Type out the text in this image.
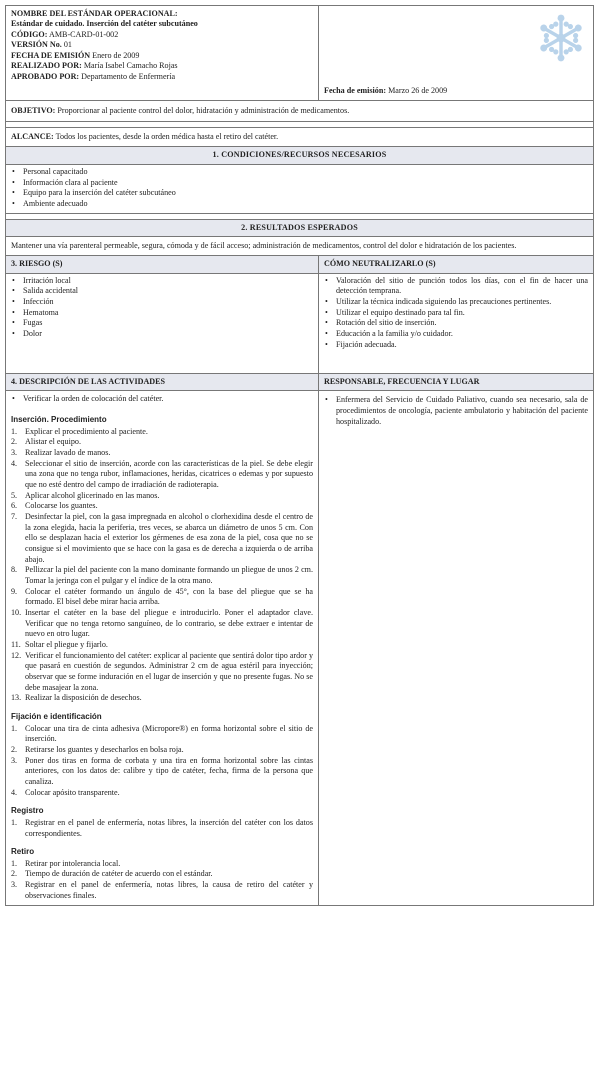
NOMBRE DEL ESTÁNDAR OPERACIONAL:
Estándar de cuidado. Inserción del catéter subcutáneo
CÓDIGO: AMB-CARD-01-002
VERSIÓN No. 01
FECHA DE EMISIÓN Enero de 2009
REALIZADO POR: María Isabel Camacho Rojas
APROBADO POR: Departamento de Enfermería
Fecha de emisión: Marzo 26 de 2009
OBJETIVO: Proporcionar al paciente control del dolor, hidratación y administración de medicamentos.
ALCANCE: Todos los pacientes, desde la orden médica hasta el retiro del catéter.
1. CONDICIONES/RECURSOS NECESARIOS
• Personal capacitado
• Información clara al paciente
• Equipo para la inserción del catéter subcutáneo
• Ambiente adecuado
2. RESULTADOS ESPERADOS
Mantener una vía parenteral permeable, segura, cómoda y de fácil acceso; administración de medicamentos, control del dolor e hidratación de los pacientes.
3. RIESGO (S)	CÓMO NEUTRALIZARLO (S)
• Irritación local
• Salida accidental
• Infección
• Hematoma
• Fugas
• Dolor
• Valoración del sitio de punción todos los días, con el fin de hacer una detección temprana.
• Utilizar la técnica indicada siguiendo las precauciones pertinentes.
• Utilizar el equipo destinado para tal fin.
• Rotación del sitio de inserción.
• Educación a la familia y/o cuidador.
• Fijación adecuada.
4. DESCRIPCIÓN DE LAS ACTIVIDADES	RESPONSABLE, FRECUENCIA Y LUGAR
• Verificar la orden de colocación del catéter.
Inserción. Procedimiento
1. Explicar el procedimiento al paciente.
2. Alistar el equipo.
3. Realizar lavado de manos.
4. Seleccionar el sitio de inserción, acorde con las características de la piel. Se debe elegir una zona que no tenga rubor, inflamaciones, heridas, cicatrices o edemas y por supuesto que no esté dentro del campo de irradiación de radioterapia.
5. Aplicar alcohol glicerinado en las manos.
6. Colocarse los guantes.
7. Desinfectar la piel, con la gasa impregnada en alcohol o clorhexidina desde el centro de la zona elegida, hacia la periferia, tres veces, se abarca un diámetro de unos 5 cm. Con ello se desplazan hacia el exterior los gérmenes de esa zona de la piel, cosa que no se consigue si el movimiento que se hace con la gasa es de derecha a izquierda o de arriba abajo.
8. Pellizcar la piel del paciente con la mano dominante formando un pliegue de unos 2 cm. Tomar la jeringa con el pulgar y el índice de la otra mano.
9. Colocar el catéter formando un ángulo de 45°, con la base del pliegue que se ha formado. El bisel debe mirar hacia arriba.
10. Insertar el catéter en la base del pliegue e introducirlo. Poner el adaptador clave. Verificar que no tenga retorno sanguíneo, de lo contrario, se debe extraer e intentar de nuevo en otro lugar.
11. Soltar el pliegue y fijarlo.
12. Verificar el funcionamiento del catéter: explicar al paciente que sentirá dolor tipo ardor y que pasará en cuestión de segundos. Administrar 2 cm de agua estéril para inyección; observar que se forme induración en el lugar de inserción y que no presente fugas. No se debe masajear la zona.
13. Realizar la disposición de desechos.
Fijación e identificación
1. Colocar una tira de cinta adhesiva (Micropore®) en forma horizontal sobre el sitio de inserción.
2. Retirarse los guantes y desecharlos en bolsa roja.
3. Poner dos tiras en forma de corbata y una tira en forma horizontal sobre las cintas anteriores, con los datos de: calibre y tipo de catéter, fecha, firma de la persona que canaliza.
4. Colocar apósito transparente.
Registro
1. Registrar en el panel de enfermería, notas libres, la inserción del catéter con los datos correspondientes.
Retiro
1. Retirar por intolerancia local.
2. Tiempo de duración de catéter de acuerdo con el estándar.
3. Registrar en el panel de enfermería, notas libres, la causa de retiro del catéter y observaciones finales.
• Enfermera del Servicio de Cuidado Paliativo, cuando sea necesario, sala de procedimientos de oncología, paciente ambulatorio y habitación del paciente hospitalizado.
